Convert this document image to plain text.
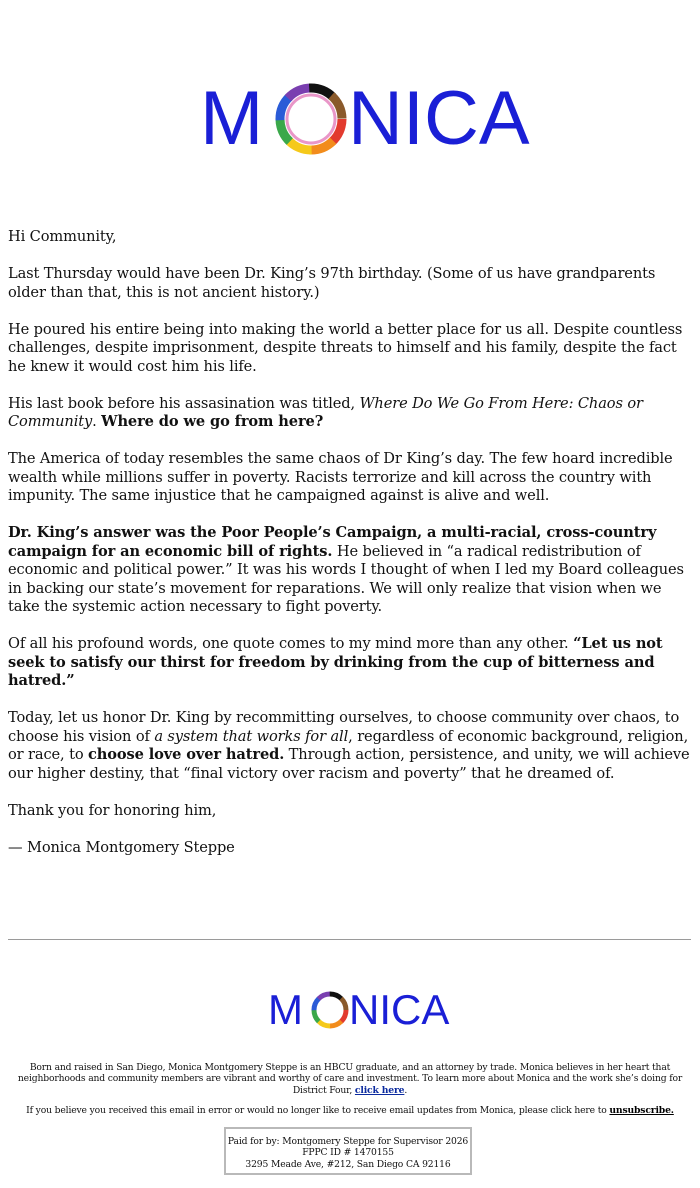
M NICA

Hi Community,

Last Thursday would have been Dr. King’s 97th birthday. (Some of us have grandparents older than that, this is not ancient history.)

He poured his entire being into making the world a better place for us all. Despite countless challenges, despite imprisonment, despite threats to himself and his family, despite the fact he knew it would cost him his life.

His last book before his assasination was titled, Where Do We Go From Here: Chaos or Community. Where do we go from here?

The America of today resembles the same chaos of Dr King’s day. The few hoard incredible wealth while millions suffer in poverty. Racists terrorize and kill across the country with impunity. The same injustice that he campaigned against is alive and well.

Dr. King’s answer was the Poor People’s Campaign, a multi-racial, cross-country campaign for an economic bill of rights. He believed in “a radical redistribution of economic and political power.” It was his words I thought of when I led my Board colleagues in backing our state’s movement for reparations. We will only realize that vision when we take the systemic action necessary to fight poverty.

Of all his profound words, one quote comes to my mind more than any other. “Let us not seek to satisfy our thirst for freedom by drinking from the cup of bitterness and hatred.”

Today, let us honor Dr. King by recommitting ourselves, to choose community over chaos, to choose his vision of a system that works for all, regardless of economic background, religion, or race, to choose love over hatred. Through action, persistence, and unity, we will achieve our higher destiny, that “final victory over racism and poverty” that he dreamed of.

Thank you for honoring him,

— Monica Montgomery Steppe

M NICA
Born and raised in San Diego, Monica Montgomery Steppe is an HBCU graduate, and an attorney by trade. Monica believes in her heart that neighborhoods and community members are vibrant and worthy of care and investment. To learn more about Monica and the work she’s doing for District Four, click here.
If you believe you received this email in error or would no longer like to receive email updates from Monica, please click here to unsubscribe.
Paid for by: Montgomery Steppe for Supervisor 2026
FPPC ID # 1470155
3295 Meade Ave, #212, San Diego CA 92116
